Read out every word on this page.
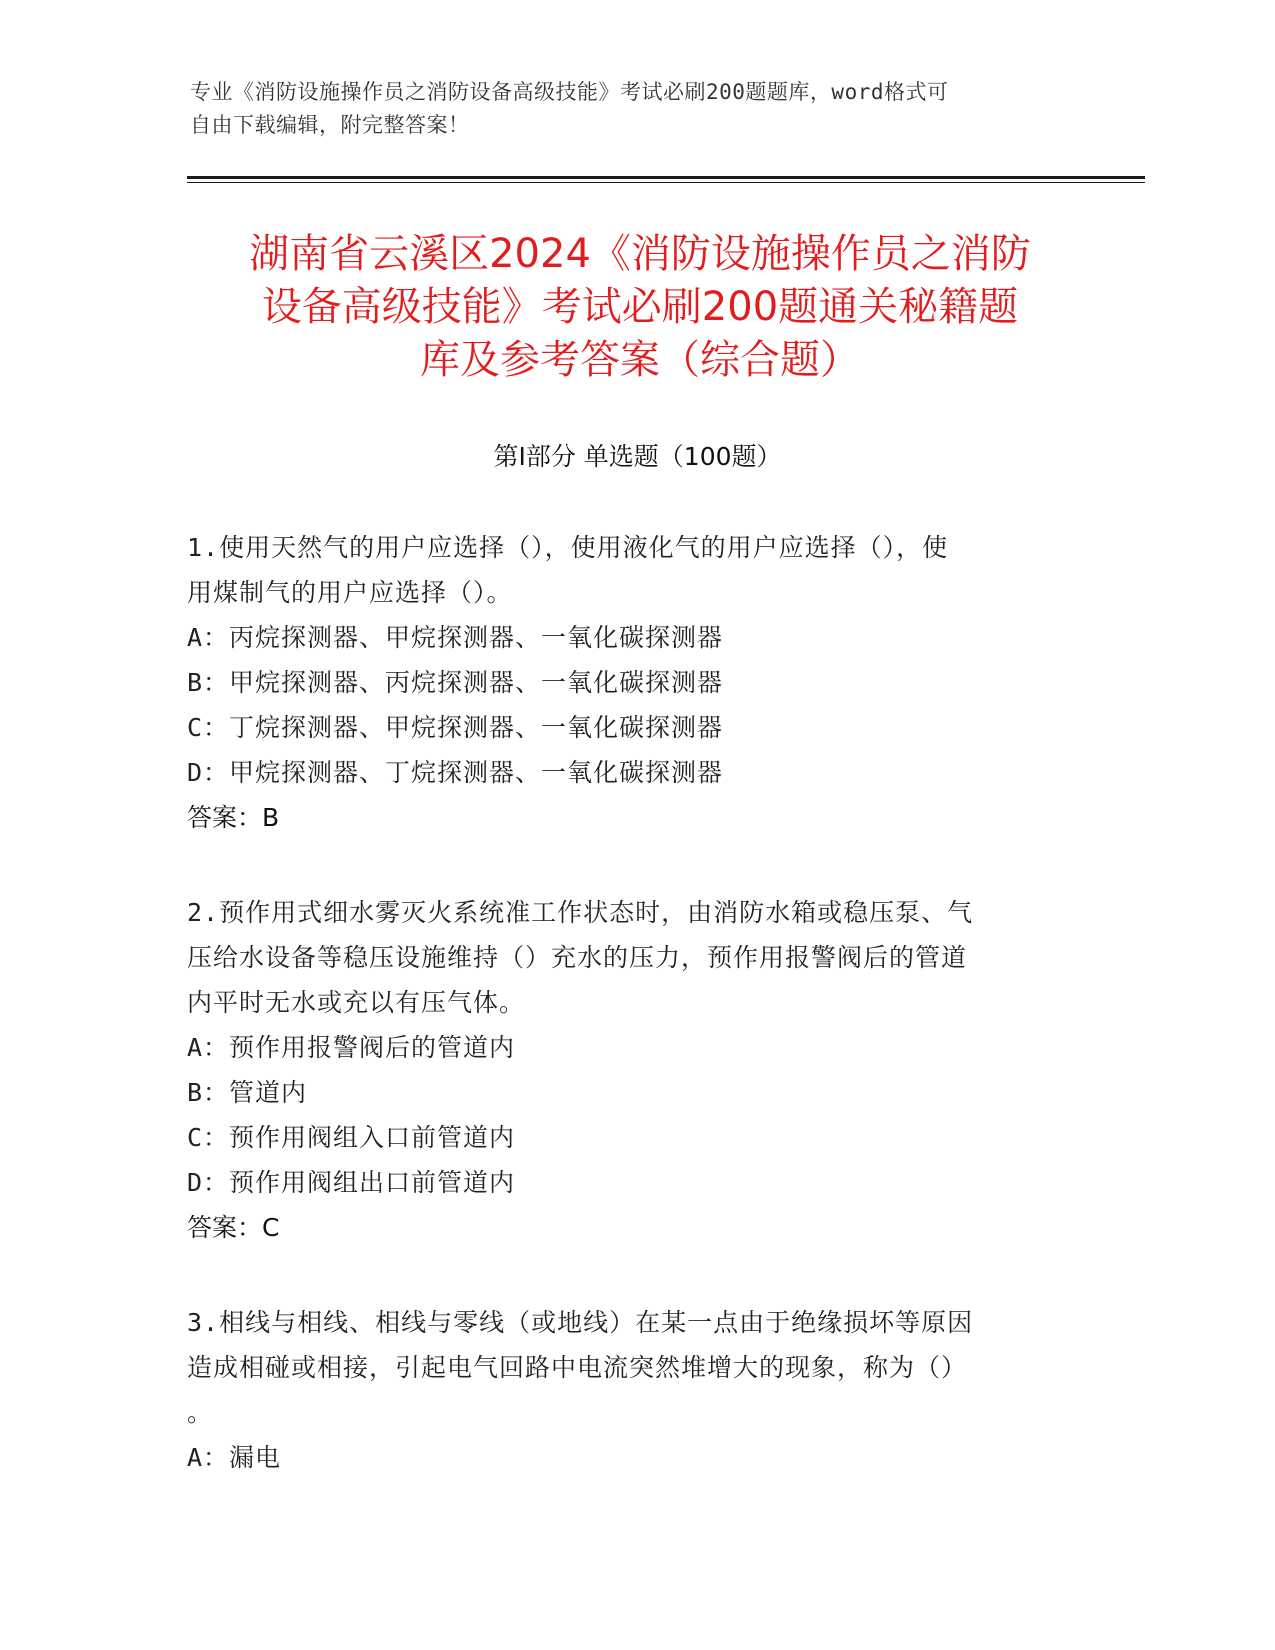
专业《消防设施操作员之消防设备高级技能》考试必刷200题题库，word格式可
自由下载编辑，附完整答案！
湖南省云溪区2024《消防设施操作员之消防
设备高级技能》考试必刷200题通关秘籍题
库及参考答案（综合题）
第Ⅰ部分 单选题（100题）
1.使用天然气的用户应选择（），使用液化气的用户应选择（），使
用煤制气的用户应选择（）。
A：丙烷探测器、甲烷探测器、一氧化碳探测器
B：甲烷探测器、丙烷探测器、一氧化碳探测器
C：丁烷探测器、甲烷探测器、一氧化碳探测器
D：甲烷探测器、丁烷探测器、一氧化碳探测器
答案：B
2.预作用式细水雾灭火系统准工作状态时，由消防水箱或稳压泵、气
压给水设备等稳压设施维持（）充水的压力，预作用报警阀后的管道
内平时无水或充以有压气体。
A：预作用报警阀后的管道内
B：管道内
C：预作用阀组入口前管道内
D：预作用阀组出口前管道内
答案：C
3.相线与相线、相线与零线（或地线）在某一点由于绝缘损坏等原因
造成相碰或相接，引起电气回路中电流突然堆增大的现象，称为（）
。
A：漏电
